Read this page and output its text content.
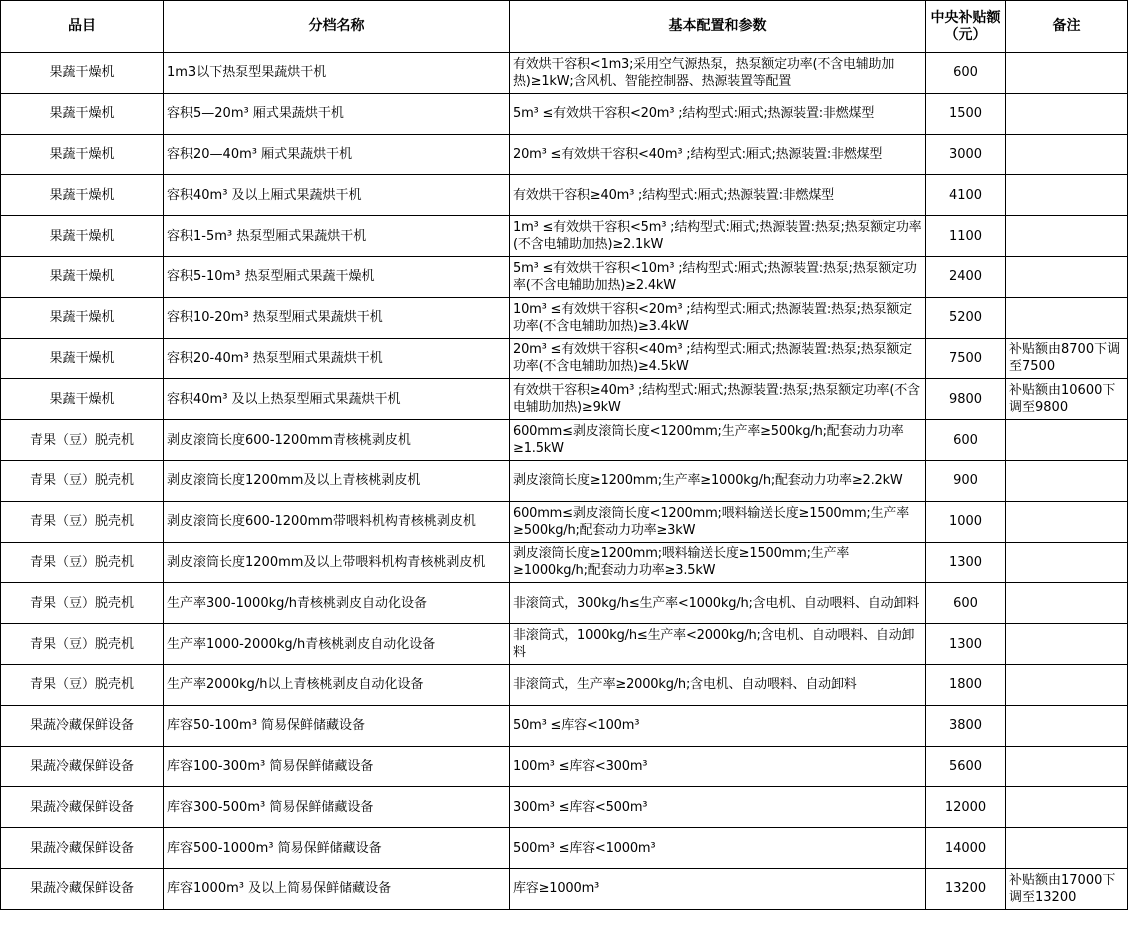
品目	分档名称	基本配置和参数	中央补贴额（元）	备注
果蔬干燥机	1m3以下热泵型果蔬烘干机	有效烘干容积<1m3;采用空气源热泵，热泵额定功率(不含电辅助加热)≥1kW;含风机、智能控制器、热源装置等配置	600	
果蔬干燥机	容积5—20m³ 厢式果蔬烘干机	5m³ ≤有效烘干容积<20m³ ;结构型式:厢式;热源装置:非燃煤型	1500	
果蔬干燥机	容积20—40m³ 厢式果蔬烘干机	20m³ ≤有效烘干容积<40m³ ;结构型式:厢式;热源装置:非燃煤型	3000	
果蔬干燥机	容积40m³ 及以上厢式果蔬烘干机	有效烘干容积≥40m³ ;结构型式:厢式;热源装置:非燃煤型	4100	
果蔬干燥机	容积1-5m³ 热泵型厢式果蔬烘干机	1m³ ≤有效烘干容积<5m³ ;结构型式:厢式;热源装置:热泵;热泵额定功率(不含电辅助加热)≥2.1kW	1100	
果蔬干燥机	容积5-10m³ 热泵型厢式果蔬干燥机	5m³ ≤有效烘干容积<10m³ ;结构型式:厢式;热源装置:热泵;热泵额定功率(不含电辅助加热)≥2.4kW	2400	
果蔬干燥机	容积10-20m³ 热泵型厢式果蔬烘干机	10m³ ≤有效烘干容积<20m³ ;结构型式:厢式;热源装置:热泵;热泵额定功率(不含电辅助加热)≥3.4kW	5200	
果蔬干燥机	容积20-40m³ 热泵型厢式果蔬烘干机	20m³ ≤有效烘干容积<40m³ ;结构型式:厢式;热源装置:热泵;热泵额定功率(不含电辅助加热)≥4.5kW	7500	补贴额由8700下调至7500
果蔬干燥机	容积40m³ 及以上热泵型厢式果蔬烘干机	有效烘干容积≥40m³ ;结构型式:厢式;热源装置:热泵;热泵额定功率(不含电辅助加热)≥9kW	9800	补贴额由10600下调至9800
青果（豆）脱壳机	剥皮滚筒长度600-1200mm青核桃剥皮机	600mm≤剥皮滚筒长度<1200mm;生产率≥500kg/h;配套动力功率≥1.5kW	600	
青果（豆）脱壳机	剥皮滚筒长度1200mm及以上青核桃剥皮机	剥皮滚筒长度≥1200mm;生产率≥1000kg/h;配套动力功率≥2.2kW	900	
青果（豆）脱壳机	剥皮滚筒长度600-1200mm带喂料机构青核桃剥皮机	600mm≤剥皮滚筒长度<1200mm;喂料输送长度≥1500mm;生产率≥500kg/h;配套动力功率≥3kW	1000	
青果（豆）脱壳机	剥皮滚筒长度1200mm及以上带喂料机构青核桃剥皮机	剥皮滚筒长度≥1200mm;喂料输送长度≥1500mm;生产率≥1000kg/h;配套动力功率≥3.5kW	1300	
青果（豆）脱壳机	生产率300-1000kg/h青核桃剥皮自动化设备	非滚筒式，300kg/h≤生产率<1000kg/h;含电机、自动喂料、自动卸料	600	
青果（豆）脱壳机	生产率1000-2000kg/h青核桃剥皮自动化设备	非滚筒式，1000kg/h≤生产率<2000kg/h;含电机、自动喂料、自动卸料	1300	
青果（豆）脱壳机	生产率2000kg/h以上青核桃剥皮自动化设备	非滚筒式，生产率≥2000kg/h;含电机、自动喂料、自动卸料	1800	
果蔬冷藏保鲜设备	库容50-100m³ 简易保鲜储藏设备	50m³ ≤库容<100m³	3800	
果蔬冷藏保鲜设备	库容100-300m³ 简易保鲜储藏设备	100m³ ≤库容<300m³	5600	
果蔬冷藏保鲜设备	库容300-500m³ 简易保鲜储藏设备	300m³ ≤库容<500m³	12000	
果蔬冷藏保鲜设备	库容500-1000m³ 简易保鲜储藏设备	500m³ ≤库容<1000m³	14000	
果蔬冷藏保鲜设备	库容1000m³ 及以上简易保鲜储藏设备	库容≥1000m³	13200	补贴额由17000下调至13200
